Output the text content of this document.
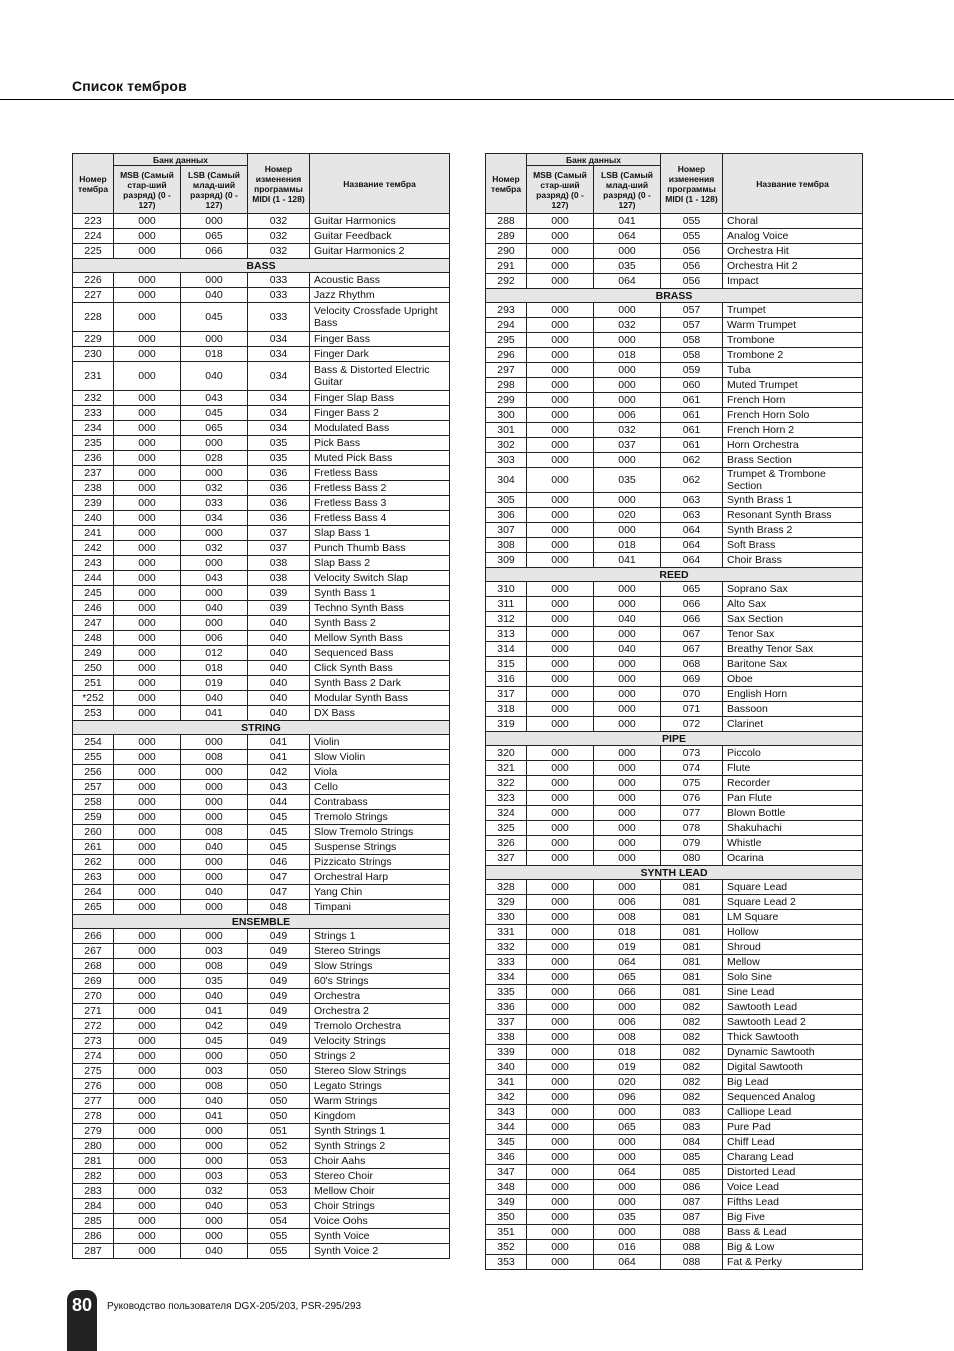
Список тембров
Номер тембра	Банк данных		Номер изменения программы MIDI (1 - 128)	Название тембра
	MSB (Самый стар-ший разряд) (0 - 127)	LSB (Самый млад-ший разряд) (0 - 127)		
223	000	000	032	Guitar Harmonics
224	000	065	032	Guitar Feedback
225	000	066	032	Guitar Harmonics 2
BASS				
226	000	000	033	Acoustic Bass
227	000	040	033	Jazz Rhythm
228	000	045	033	Velocity Crossfade Upright Bass
229	000	000	034	Finger Bass
230	000	018	034	Finger Dark
231	000	040	034	Bass & Distorted Electric Guitar
232	000	043	034	Finger Slap Bass
233	000	045	034	Finger Bass 2
234	000	065	034	Modulated Bass
235	000	000	035	Pick Bass
236	000	028	035	Muted Pick Bass
237	000	000	036	Fretless Bass
238	000	032	036	Fretless Bass 2
239	000	033	036	Fretless Bass 3
240	000	034	036	Fretless Bass 4
241	000	000	037	Slap Bass 1
242	000	032	037	Punch Thumb Bass
243	000	000	038	Slap Bass 2
244	000	043	038	Velocity Switch Slap
245	000	000	039	Synth Bass 1
246	000	040	039	Techno Synth Bass
247	000	000	040	Synth Bass 2
248	000	006	040	Mellow Synth Bass
249	000	012	040	Sequenced Bass
250	000	018	040	Click Synth Bass
251	000	019	040	Synth Bass 2 Dark
*252	000	040	040	Modular Synth Bass
253	000	041	040	DX Bass
STRING				
254	000	000	041	Violin
255	000	008	041	Slow Violin
256	000	000	042	Viola
257	000	000	043	Cello
258	000	000	044	Contrabass
259	000	000	045	Tremolo Strings
260	000	008	045	Slow Tremolo Strings
261	000	040	045	Suspense Strings
262	000	000	046	Pizzicato Strings
263	000	000	047	Orchestral Harp
264	000	040	047	Yang Chin
265	000	000	048	Timpani
ENSEMBLE				
266	000	000	049	Strings 1
267	000	003	049	Stereo Strings
268	000	008	049	Slow Strings
269	000	035	049	60's Strings
270	000	040	049	Orchestra
271	000	041	049	Orchestra 2
272	000	042	049	Tremolo Orchestra
273	000	045	049	Velocity Strings
274	000	000	050	Strings 2
275	000	003	050	Stereo Slow Strings
276	000	008	050	Legato Strings
277	000	040	050	Warm Strings
278	000	041	050	Kingdom
279	000	000	051	Synth Strings 1
280	000	000	052	Synth Strings 2
281	000	000	053	Choir Aahs
282	000	003	053	Stereo Choir
283	000	032	053	Mellow Choir
284	000	040	053	Choir Strings
285	000	000	054	Voice Oohs
286	000	000	055	Synth Voice
287	000	040	055	Synth Voice 2
Номер тембра	Банк данных		Номер изменения программы MIDI (1 - 128)	Название тембра
	MSB (Самый стар-ший разряд) (0 - 127)	LSB (Самый млад-ший разряд) (0 - 127)		
288	000	041	055	Choral
289	000	064	055	Analog Voice
290	000	000	056	Orchestra Hit
291	000	035	056	Orchestra Hit 2
292	000	064	056	Impact
BRASS				
293	000	000	057	Trumpet
294	000	032	057	Warm Trumpet
295	000	000	058	Trombone
296	000	018	058	Trombone 2
297	000	000	059	Tuba
298	000	000	060	Muted Trumpet
299	000	000	061	French Horn
300	000	006	061	French Horn Solo
301	000	032	061	French Horn 2
302	000	037	061	Horn Orchestra
303	000	000	062	Brass Section
304	000	035	062	Trumpet & Trombone Section
305	000	000	063	Synth Brass 1
306	000	020	063	Resonant Synth Brass
307	000	000	064	Synth Brass 2
308	000	018	064	Soft Brass
309	000	041	064	Choir Brass
REED				
310	000	000	065	Soprano Sax
311	000	000	066	Alto Sax
312	000	040	066	Sax Section
313	000	000	067	Tenor Sax
314	000	040	067	Breathy Tenor Sax
315	000	000	068	Baritone Sax
316	000	000	069	Oboe
317	000	000	070	English Horn
318	000	000	071	Bassoon
319	000	000	072	Clarinet
PIPE				
320	000	000	073	Piccolo
321	000	000	074	Flute
322	000	000	075	Recorder
323	000	000	076	Pan Flute
324	000	000	077	Blown Bottle
325	000	000	078	Shakuhachi
326	000	000	079	Whistle
327	000	000	080	Ocarina
SYNTH LEAD				
328	000	000	081	Square Lead
329	000	006	081	Square Lead 2
330	000	008	081	LM Square
331	000	018	081	Hollow
332	000	019	081	Shroud
333	000	064	081	Mellow
334	000	065	081	Solo Sine
335	000	066	081	Sine Lead
336	000	000	082	Sawtooth Lead
337	000	006	082	Sawtooth Lead 2
338	000	008	082	Thick Sawtooth
339	000	018	082	Dynamic Sawtooth
340	000	019	082	Digital Sawtooth
341	000	020	082	Big Lead
342	000	096	082	Sequenced Analog
343	000	000	083	Calliope Lead
344	000	065	083	Pure Pad
345	000	000	084	Chiff Lead
346	000	000	085	Charang Lead
347	000	064	085	Distorted Lead
348	000	000	086	Voice Lead
349	000	000	087	Fifths Lead
350	000	035	087	Big Five
351	000	000	088	Bass & Lead
352	000	016	088	Big & Low
353	000	064	088	Fat & Perky
80	Руководство пользователя DGX-205/203, PSR-295/293
